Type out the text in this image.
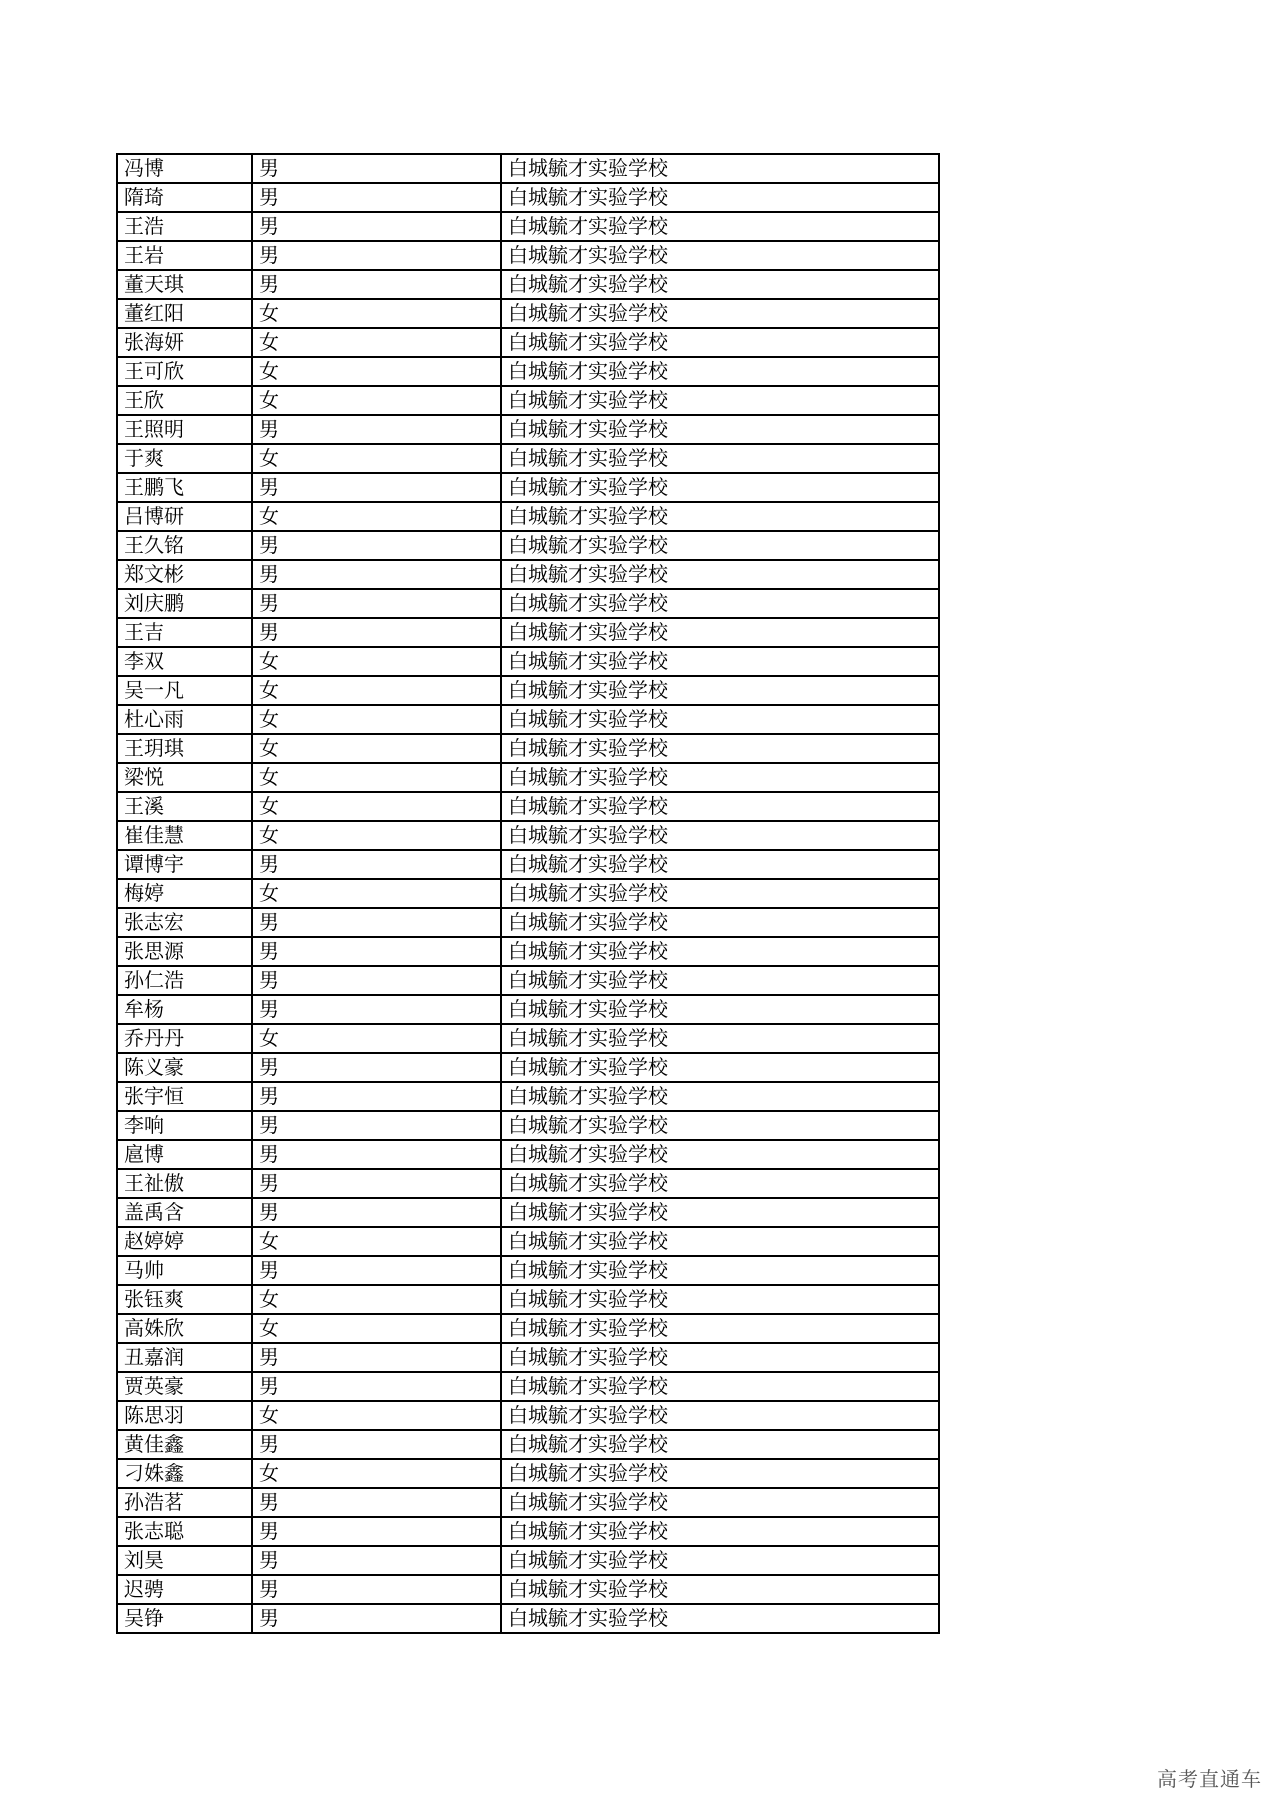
冯博	男	白城毓才实验学校
隋琦	男	白城毓才实验学校
王浩	男	白城毓才实验学校
王岩	男	白城毓才实验学校
董天琪	男	白城毓才实验学校
董红阳	女	白城毓才实验学校
张海妍	女	白城毓才实验学校
王可欣	女	白城毓才实验学校
王欣	女	白城毓才实验学校
王照明	男	白城毓才实验学校
于爽	女	白城毓才实验学校
王鹏飞	男	白城毓才实验学校
吕博研	女	白城毓才实验学校
王久铭	男	白城毓才实验学校
郑文彬	男	白城毓才实验学校
刘庆鹏	男	白城毓才实验学校
王吉	男	白城毓才实验学校
李双	女	白城毓才实验学校
吴一凡	女	白城毓才实验学校
杜心雨	女	白城毓才实验学校
王玥琪	女	白城毓才实验学校
梁悦	女	白城毓才实验学校
王溪	女	白城毓才实验学校
崔佳慧	女	白城毓才实验学校
谭博宇	男	白城毓才实验学校
梅婷	女	白城毓才实验学校
张志宏	男	白城毓才实验学校
张思源	男	白城毓才实验学校
孙仁浩	男	白城毓才实验学校
牟杨	男	白城毓才实验学校
乔丹丹	女	白城毓才实验学校
陈义豪	男	白城毓才实验学校
张宇恒	男	白城毓才实验学校
李响	男	白城毓才实验学校
扈博	男	白城毓才实验学校
王祉傲	男	白城毓才实验学校
盖禹含	男	白城毓才实验学校
赵婷婷	女	白城毓才实验学校
马帅	男	白城毓才实验学校
张钰爽	女	白城毓才实验学校
高姝欣	女	白城毓才实验学校
丑嘉润	男	白城毓才实验学校
贾英豪	男	白城毓才实验学校
陈思羽	女	白城毓才实验学校
黄佳鑫	男	白城毓才实验学校
刁姝鑫	女	白城毓才实验学校
孙浩茗	男	白城毓才实验学校
张志聪	男	白城毓才实验学校
刘昊	男	白城毓才实验学校
迟骋	男	白城毓才实验学校
吴铮	男	白城毓才实验学校
高考直通车
